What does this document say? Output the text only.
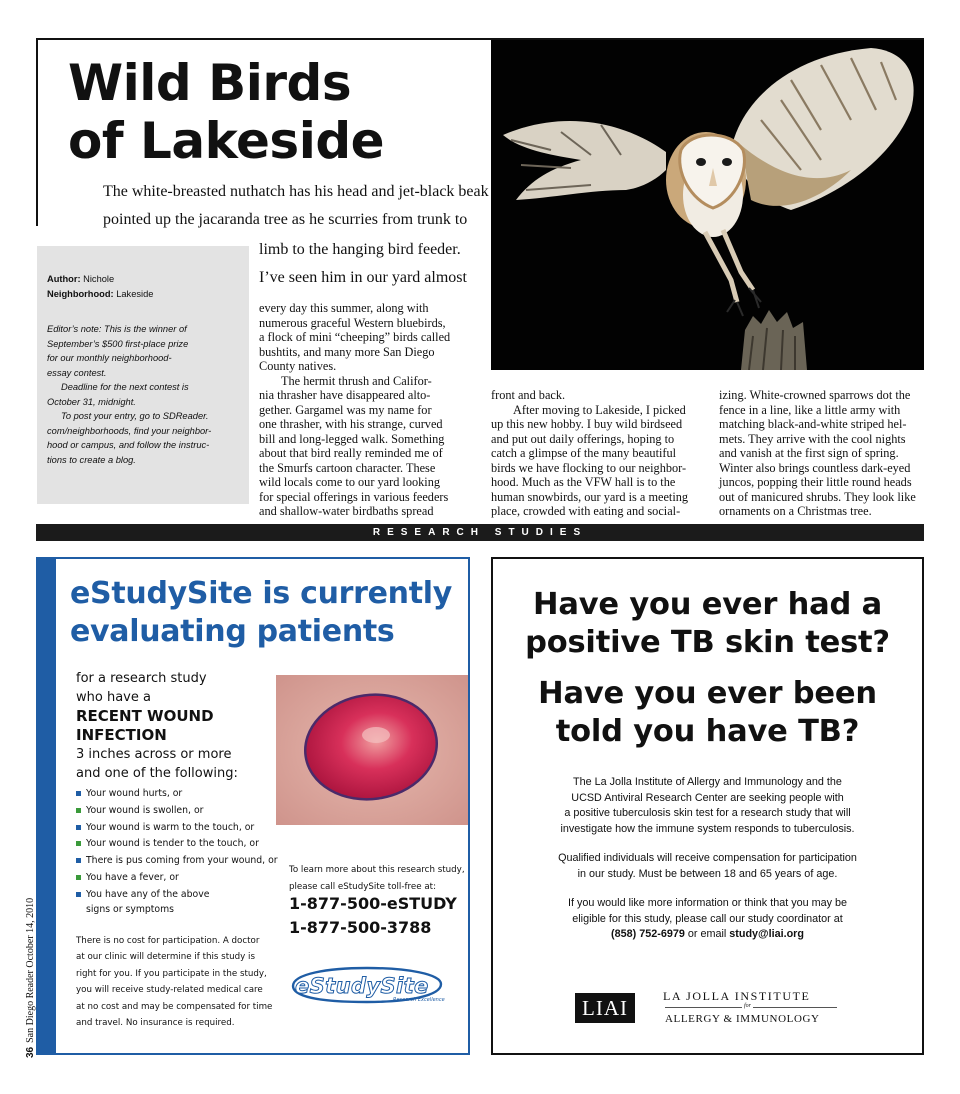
Wild Birds
of Lakeside
The white-breasted nuthatch has his head and jet-black beak
pointed up the jacaranda tree as he scurries from trunk to
limb to the hanging bird feeder.
I’ve seen him in our yard almost
Author: Nichole
Neighborhood: Lakeside
Editor’s note: This is the winner of
September’s $500 first-place prize
for our monthly neighborhood-
essay contest.
Deadline for the next contest is
October 31, midnight.
To post your entry, go to SDReader.
com/neighborhoods, find your neighbor-
hood or campus, and follow the instruc-
tions to create a blog.
every day this summer, along with
numerous graceful Western bluebirds,
a flock of mini “cheeping” birds called
bushtits, and many more San Diego
County natives.
The hermit thrush and Califor-
nia thrasher have disappeared alto-
gether. Gargamel was my name for
one thrasher, with his strange, curved
bill and long-legged walk. Something
about that bird really reminded me of
the Smurfs cartoon character. These
wild locals come to our yard looking
for special offerings in various feeders
and shallow-water birdbaths spread
front and back.
After moving to Lakeside, I picked
up this new hobby. I buy wild birdseed
and put out daily offerings, hoping to
catch a glimpse of the many beautiful
birds we have flocking to our neighbor-
hood. Much as the VFW hall is to the
human snowbirds, our yard is a meeting
place, crowded with eating and social-
izing. White-crowned sparrows dot the
fence in a line, like a little army with
matching black-and-white striped hel-
mets. They arrive with the cool nights
and vanish at the first sign of spring.
Winter also brings countless dark-eyed
juncos, popping their little round heads
out of manicured shrubs. They look like
ornaments on a Christmas tree.
RESEARCH STUDIES
eStudySite is currently
evaluating patients
for a research study
who have a
RECENT WOUND
INFECTION
3 inches across or more
and one of the following:
Your wound hurts, or
Your wound is swollen, or
Your wound is warm to the touch, or
Your wound is tender to the touch, or
There is pus coming from your wound, or
You have a fever, or
You have any of the above
signs or symptoms
There is no cost for participation. A doctor
at our clinic will determine if this study is
right for you. If you participate in the study,
you will receive study-related medical care
at no cost and may be compensated for time
and travel. No insurance is required.
To learn more about this research study,
please call eStudySite toll-free at:
1-877-500-eSTUDY
1-877-500-3788
eStudySite
Research Excellence
36San Diego Reader October 14, 2010
Have you ever had a
positive TB skin test?
Have you ever been
told you have TB?
The La Jolla Institute of Allergy and Immunology and the
UCSD Antiviral Research Center are seeking people with
a positive tuberculosis skin test for a research study that will
investigate how the immune system responds to tuberculosis.
Qualified individuals will receive compensation for participation
in our study. Must be between 18 and 65 years of age.
If you would like more information or think that you may be
eligible for this study, please call our study coordinator at
(858) 752-6979 or email study@liai.org
LIAI	LA JOLLA INSTITUTE
for
ALLERGY & IMMUNOLOGY
